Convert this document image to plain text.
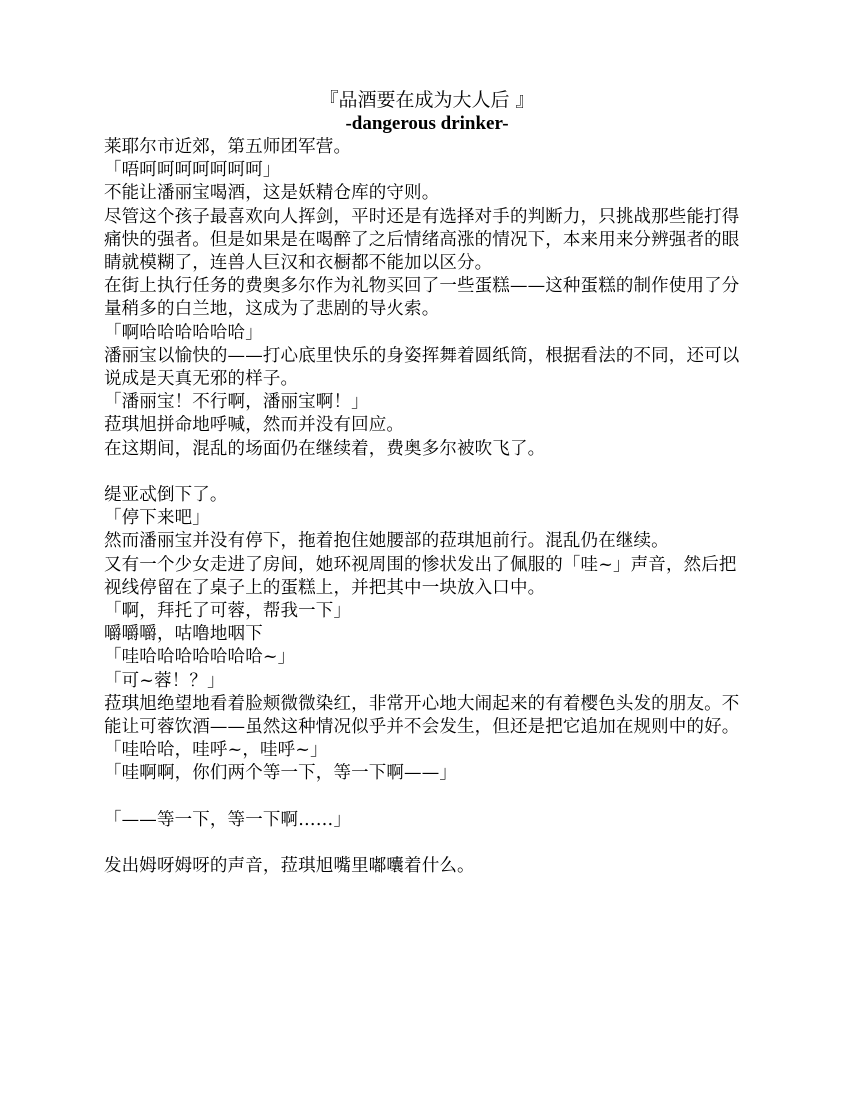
『品酒要在成为大人后 』

-dangerous drinker-

莱耶尔市近郊，第五师团军营。

「唔呵呵呵呵呵呵呵」

不能让潘丽宝喝酒，这是妖精仓库的守则。

尽管这个孩子最喜欢向人挥剑，平时还是有选择对手的判断力，只挑战那些能打得痛快的强者。但是如果是在喝醉了之后情绪高涨的情况下，本来用来分辨强者的眼睛就模糊了，连兽人巨汉和衣橱都不能加以区分。

在街上执行任务的费奥多尔作为礼物买回了一些蛋糕——这种蛋糕的制作使用了分量稍多的白兰地，这成为了悲剧的导火索。

「啊哈哈哈哈哈哈」

潘丽宝以愉快的——打心底里快乐的身姿挥舞着圆纸筒，根据看法的不同，还可以说成是天真无邪的样子。

「潘丽宝！不行啊，潘丽宝啊！」

菈琪旭拼命地呼喊，然而并没有回应。

在这期间，混乱的场面仍在继续着，费奥多尔被吹飞了。

缇亚忒倒下了。

「停下来吧」

然而潘丽宝并没有停下，拖着抱住她腰部的菈琪旭前行。混乱仍在继续。

又有一个少女走进了房间，她环视周围的惨状发出了佩服的「哇~」声音，然后把视线停留在了桌子上的蛋糕上，并把其中一块放入口中。

「啊，拜托了可蓉，帮我一下」

嚼嚼嚼，咕噜地咽下

「哇哈哈哈哈哈哈哈~」

「可~蓉！？」

菈琪旭绝望地看着脸颊微微染红，非常开心地大闹起来的有着樱色头发的朋友。不能让可蓉饮酒——虽然这种情况似乎并不会发生，但还是把它追加在规则中的好。

「哇哈哈，哇呼~，哇呼~」

「哇啊啊，你们两个等一下，等一下啊——」

「——等一下，等一下啊……」

发出姆呀姆呀的声音，菈琪旭嘴里嘟囔着什么。
